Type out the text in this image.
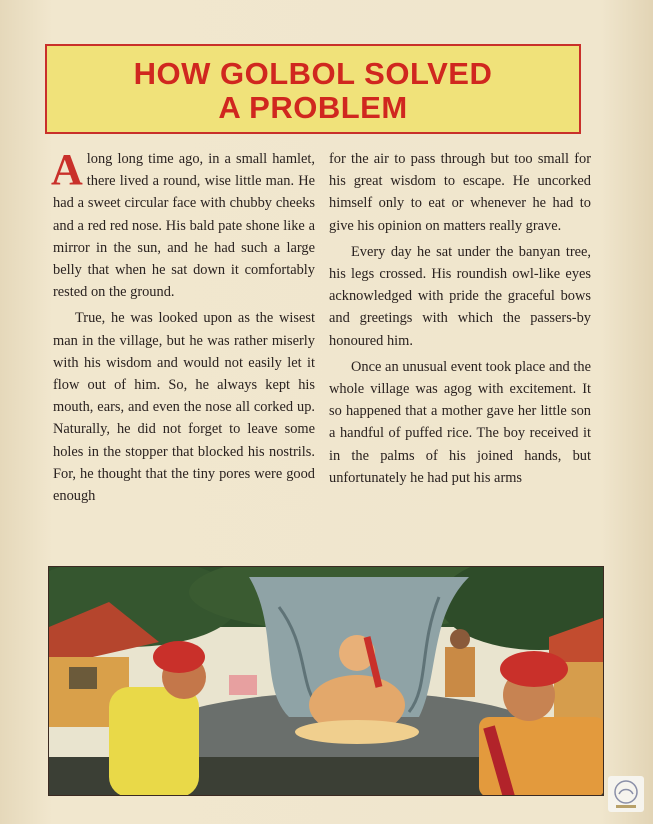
HOW GOLBOL SOLVED
A PROBLEM

Along long time ago, in a small hamlet, there lived a round, wise little man. He had a sweet circular face with chubby cheeks and a red red nose. His bald pate shone like a mirror in the sun, and he had such a large belly that when he sat down it comfortably rested on the ground.

True, he was looked upon as the wisest man in the village, but he was rather miserly with his wisdom and would not easily let it flow out of him. So, he always kept his mouth, ears, and even the nose all corked up. Naturally, he did not forget to leave some holes in the stopper that blocked his nostrils. For, he thought that the tiny pores were good enough

for the air to pass through but too small for his great wisdom to escape. He uncorked himself only to eat or whenever he had to give his opinion on matters really grave.

Every day he sat under the banyan tree, his legs crossed. His roundish owl-like eyes acknowledged with pride the graceful bows and greetings with which the passers-by honoured him.

Once an unusual event took place and the whole village was agog with excitement. It so happened that a mother gave her little son a handful of puffed rice. The boy received it in the palms of his joined hands, but unfortunately he had put his arms
